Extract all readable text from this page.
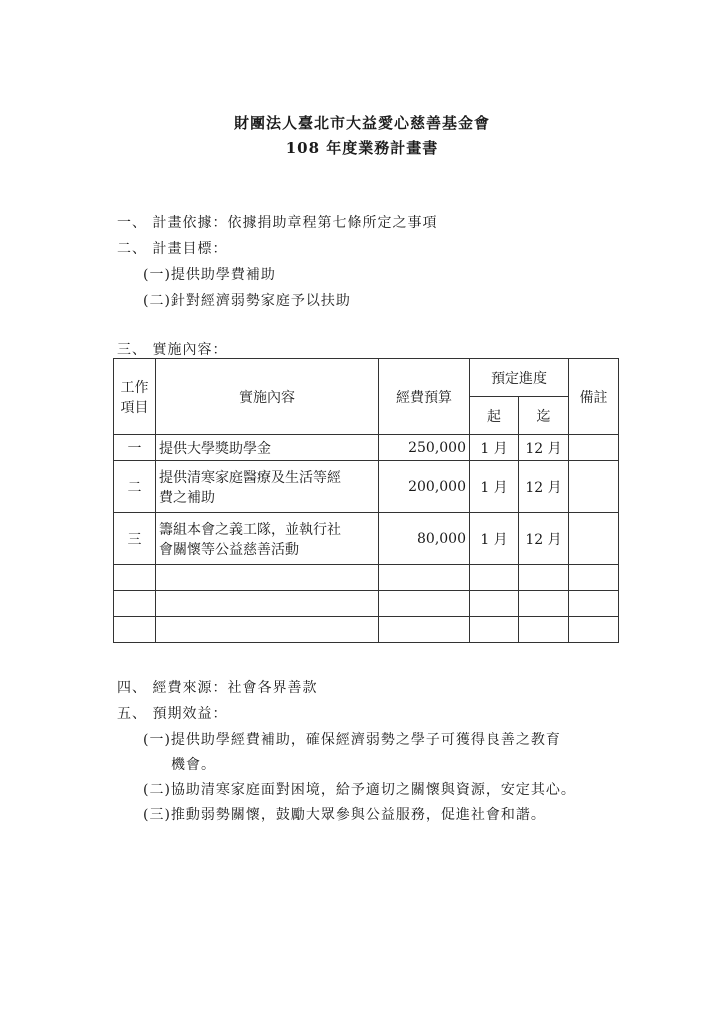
財團法人臺北市大益愛心慈善基金會
108 年度業務計畫書
一、 計畫依據：依據捐助章程第七條所定之事項
二、 計畫目標：
(一)提供助學費補助
(二)針對經濟弱勢家庭予以扶助
三、 實施內容：
工作
項目	實施內容	經費預算	預定進度		備註
			起	迄	
一	提供大學獎助學金	250,000	1 月	12 月	
二	提供清寒家庭醫療及生活等經
費之補助	200,000	1 月	12 月	
三	籌組本會之義工隊，並執行社
會關懷等公益慈善活動	80,000	1 月	12 月	

四、 經費來源：社會各界善款
五、 預期效益：
(一)提供助學經費補助，確保經濟弱勢之學子可獲得良善之教育
機會。
(二)協助清寒家庭面對困境，給予適切之關懷與資源，安定其心。
(三)推動弱勢關懷，鼓勵大眾參與公益服務，促進社會和諧。
